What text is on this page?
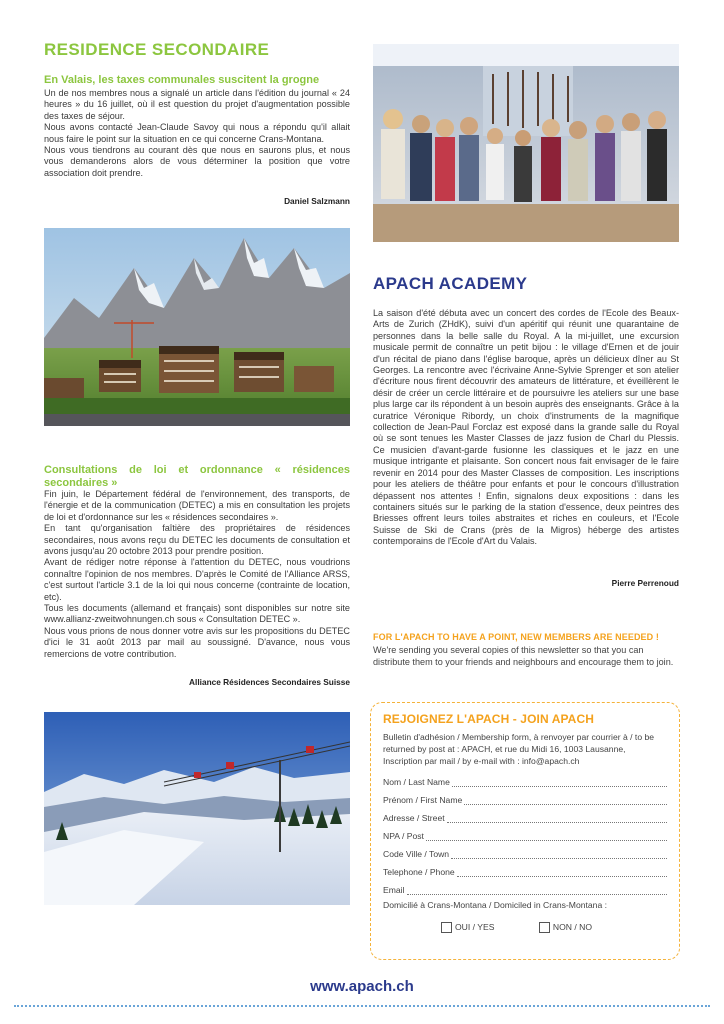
RESIDENCE SECONDAIRE
En Valais, les taxes communales suscitent la grogne

Un de nos membres nous a signalé un article dans l'édition du journal « 24 heures » du 16 juillet, où il est question du projet d'augmentation possible des taxes de séjour.

Nous avons contacté Jean-Claude Savoy qui nous a répondu qu'il allait nous faire le point sur la situation en ce qui concerne Crans-Montana.

Nous vous tiendrons au courant dès que nous en saurons plus, et nous vous demanderons alors de vous déterminer la position que votre association doit prendre.

Daniel Salzmann
Consultations de loi et ordonnance « résidences secondaires »

Fin juin, le Département fédéral de l'environnement, des transports, de l'énergie et de la communication (DETEC) a mis en consultation les projets de loi et d'ordonnance sur les « résidences secondaires ».

En tant qu'organisation faîtière des propriétaires de résidences secondaires, nous avons reçu du DETEC les documents de consultation et avons jusqu'au 20 octobre 2013 pour prendre position.

Avant de rédiger notre réponse à l'attention du DETEC, nous voudrions connaître l'opinion de nos membres. D'après le Comité de l'Alliance ARSS, c'est surtout l'article 3.1 de la loi qui nous concerne (contrainte de location, etc).

Tous les documents (allemand et français) sont disponibles sur notre site www.allianz-zweitwohnungen.ch sous « Consultation DETEC ».

Nous vous prions de nous donner votre avis sur les propositions du DETEC d'ici le 31 août 2013 par mail au soussigné. D'avance, nous vous remercions de votre contribution.

Alliance Résidences Secondaires Suisse
APACH ACADEMY
La saison d'été débuta avec un concert des cordes de l'Ecole des Beaux-Arts de Zurich (ZHdK), suivi d'un apéritif qui réunit une quarantaine de personnes dans la belle salle du Royal. A la mi-juillet, une excursion musicale permit de connaître un petit bijou : le village d'Ernen et de jouir d'un récital de piano dans l'église baroque, après un délicieux dîner au St Georges. La rencontre avec l'écrivaine Anne-Sylvie Sprenger et son atelier d'écriture nous firent découvrir des amateurs de littérature, et éveillèrent le désir de créer un cercle littéraire et de poursuivre les ateliers sur une base plus large car ils répondent à un besoin auprès des enseignants. Grâce à la curatrice Véronique Ribordy, un choix d'instruments de la magnifique collection de Jean-Paul Forclaz est exposé dans la grande salle du Royal où se sont tenues les Master Classes de jazz fusion de Charl du Plessis. Ce musicien d'avant-garde fusionne les classiques et le jazz en une musique intrigante et plaisante. Son concert nous fait envisager de le faire revenir en 2014 pour des Master Classes de composition. Les inscriptions pour les ateliers de théâtre pour enfants et pour le concours d'illustration dépassent nos attentes ! Enfin, signalons deux expositions : dans les containers situés sur le parking de la station d'essence, deux peintres des Briesses offrent leurs toiles abstraites et riches en couleurs, et l'Ecole Suisse de Ski de Crans (près de la Migros) héberge des artistes contemporains de l'Ecole d'Art du Valais.
Pierre Perrenoud
FOR L'APACH TO HAVE A POINT, NEW MEMBERS ARE NEEDED !
We're sending you several copies of this newsletter so that you can distribute them to your friends and neighbours and encourage them to join.
REJOIGNEZ L'APACH - JOIN APACH
Bulletin d'adhésion / Membership form, à renvoyer par courrier à / to be returned by post at : APACH, et rue du Midi 16, 1003 Lausanne, Inscription par mail / by e-mail with : info@apach.ch
Nom / Last Name
Prénom / First Name
Adresse / Street
NPA / Post
Code Ville / Town
Telephone / Phone
Email
Domicilié à Crans-Montana / Domiciled in Crans-Montana :
OUI / YES	NON / NO
www.apach.ch
